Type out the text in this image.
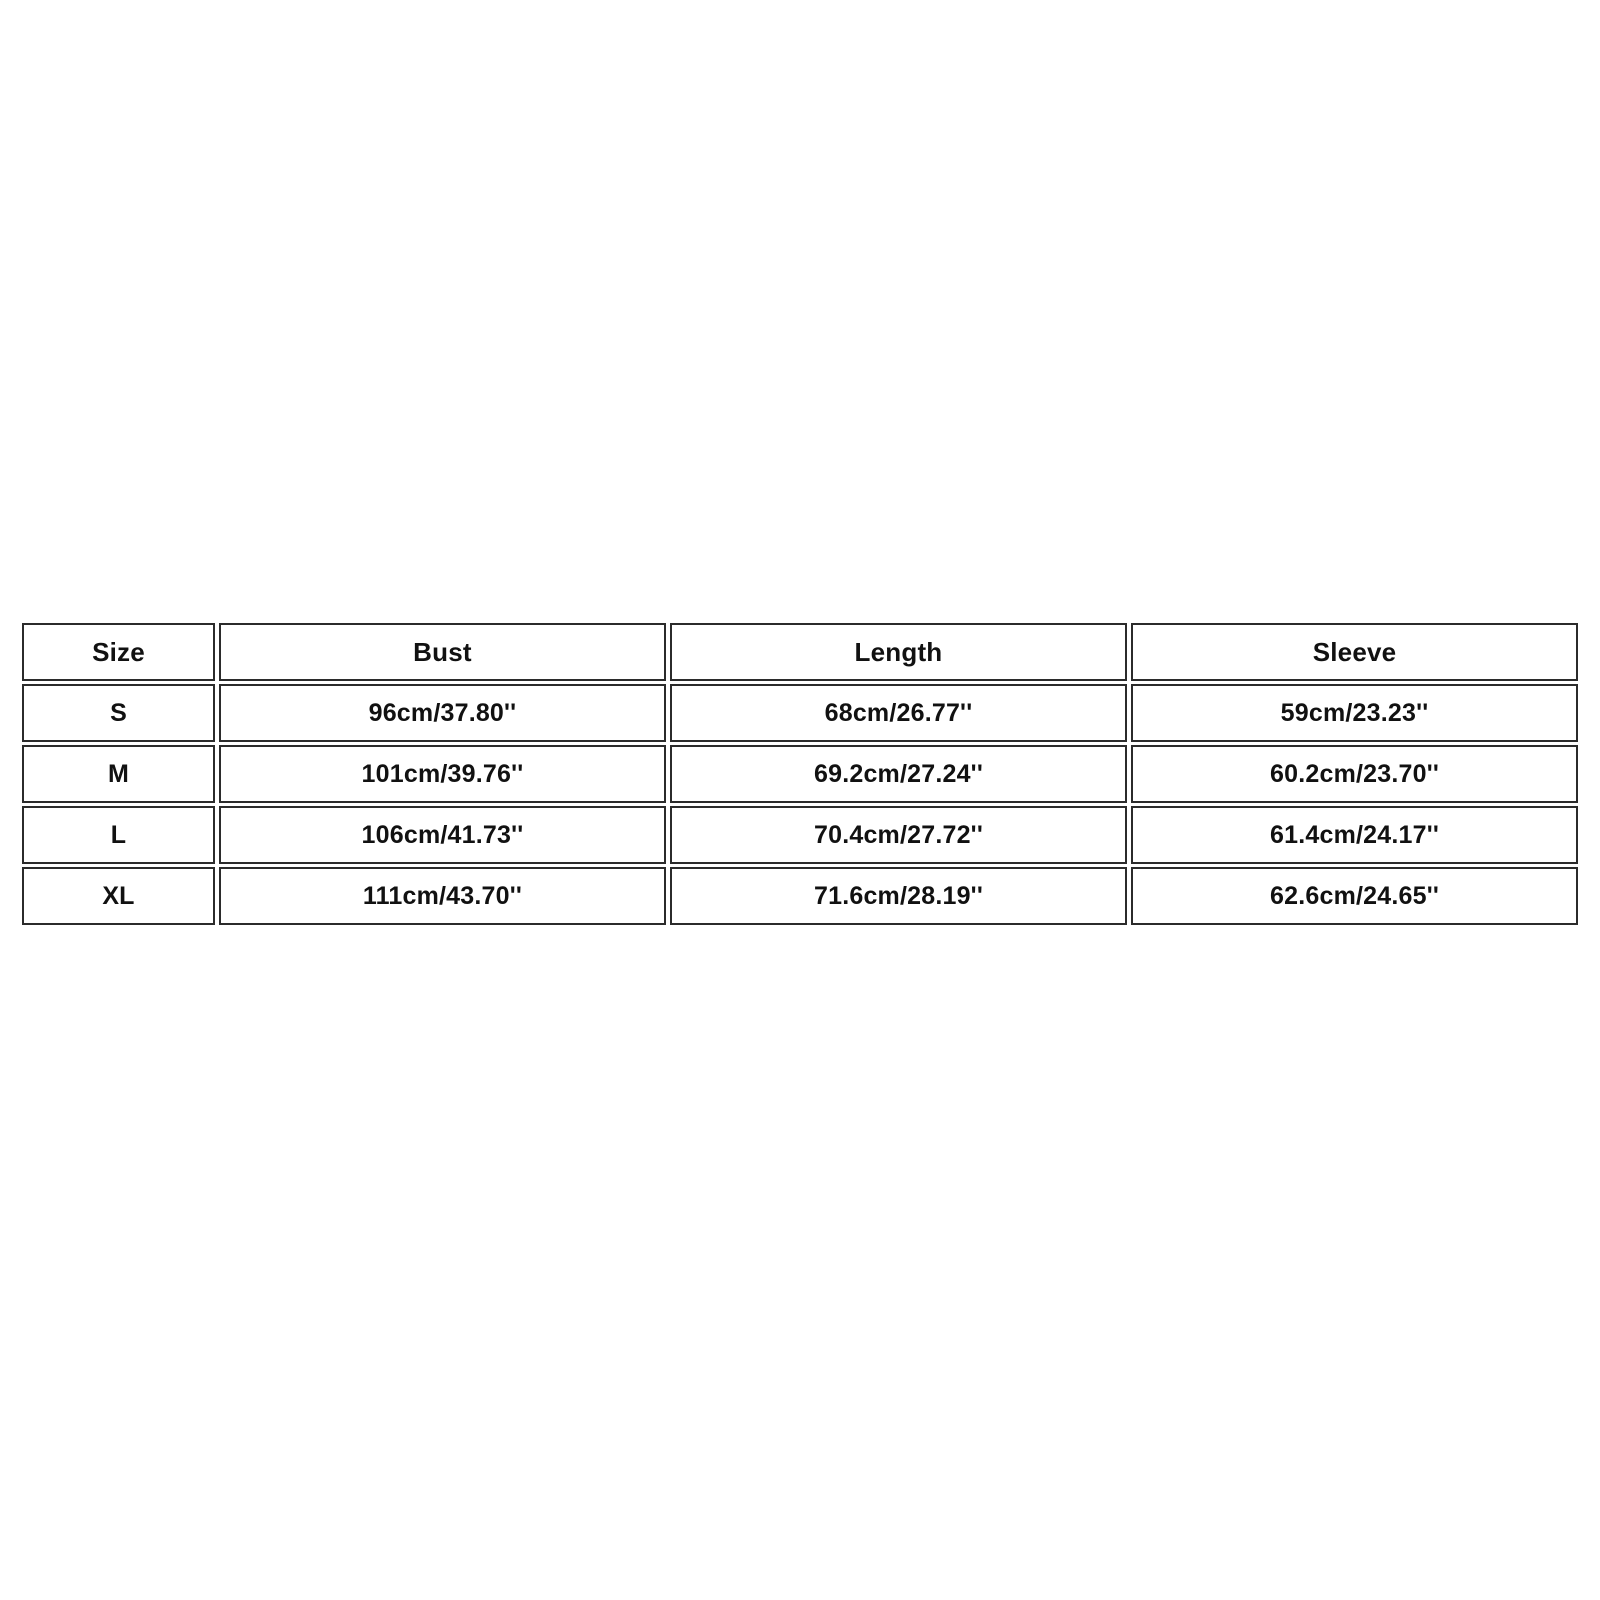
Size	Bust	Length	Sleeve
S	96cm/37.80''	68cm/26.77''	59cm/23.23''
M	101cm/39.76''	69.2cm/27.24''	60.2cm/23.70''
L	106cm/41.73''	70.4cm/27.72''	61.4cm/24.17''
XL	111cm/43.70''	71.6cm/28.19''	62.6cm/24.65''
